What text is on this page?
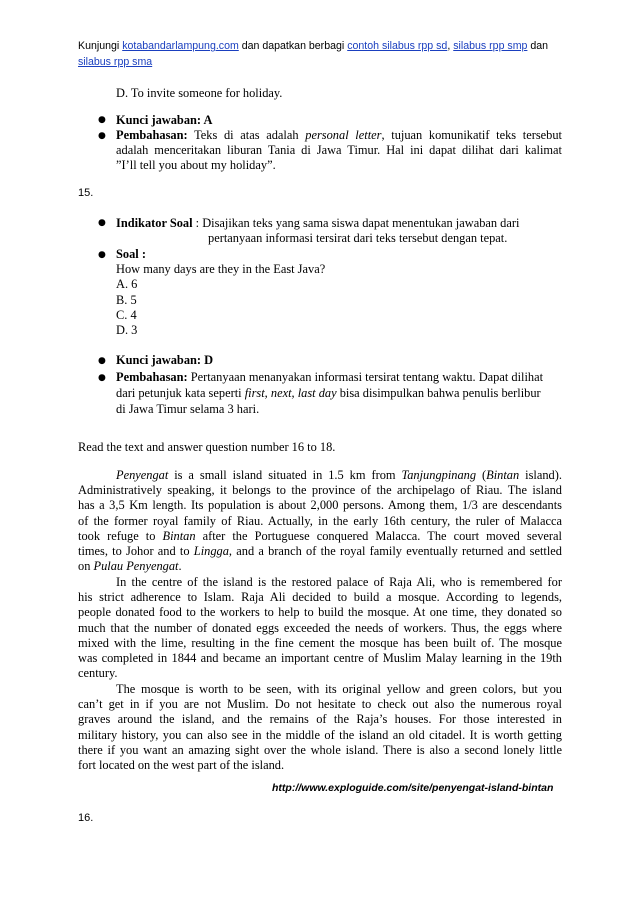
Kunjungi kotabandarlampung.com dan dapatkan berbagi contoh silabus rpp sd, silabus rpp smp dan
silabus rpp sma
D. To invite someone for holiday.
● Kunci jawaban: A
● Pembahasan: Teks di atas adalah personal letter, tujuan komunikatif teks tersebut
adalah menceritakan liburan Tania di Jawa Timur. Hal ini dapat dilihat dari kalimat
”I’ll tell you about my holiday”.
15.
● Indikator Soal : Disajikan teks yang sama siswa dapat menentukan jawaban dari
pertanyaan informasi tersirat dari teks tersebut dengan tepat.
● Soal :
How many days are they in the East Java?
A. 6
B. 5
C. 4
D. 3
● Kunci jawaban: D
● Pembahasan: Pertanyaan menanyakan informasi tersirat tentang waktu. Dapat dilihat
dari petunjuk kata seperti first, next, last day bisa disimpulkan bahwa penulis berlibur
di Jawa Timur selama 3 hari.
Read the text and answer question number 16 to 18.
Penyengat is a small island situated in 1.5 km from Tanjungpinang (Bintan island).
Administratively speaking, it belongs to the province of the archipelago of Riau. The island
has a 3,5 Km length. Its population is about 2,000 persons. Among them, 1/3 are descendants
of the former royal family of Riau. Actually, in the early 16th century, the ruler of Malacca
took refuge to Bintan after the Portuguese conquered Malacca. The court moved several
times, to Johor and to Lingga, and a branch of the royal family eventually returned and settled
on Pulau Penyengat.
In the centre of the island is the restored palace of Raja Ali, who is remembered for
his strict adherence to Islam. Raja Ali decided to build a mosque. According to legends,
people donated food to the workers to help to build the mosque. At one time, they donated so
much that the number of donated eggs exceeded the needs of workers. Thus, the eggs where
mixed with the lime, resulting in the fine cement the mosque has been built of. The mosque
was completed in 1844 and became an important centre of Muslim Malay learning in the 19th
century.
The mosque is worth to be seen, with its original yellow and green colors, but you
can’t get in if you are not Muslim. Do not hesitate to check out also the numerous royal
graves around the island, and the remains of the Raja’s houses. For those interested in
military history, you can also see in the middle of the island an old citadel. It is worth getting
there if you want an amazing sight over the whole island. There is also a second lonely little
fort located on the west part of the island.
http://www.exploguide.com/site/penyengat-island-bintan
16.
